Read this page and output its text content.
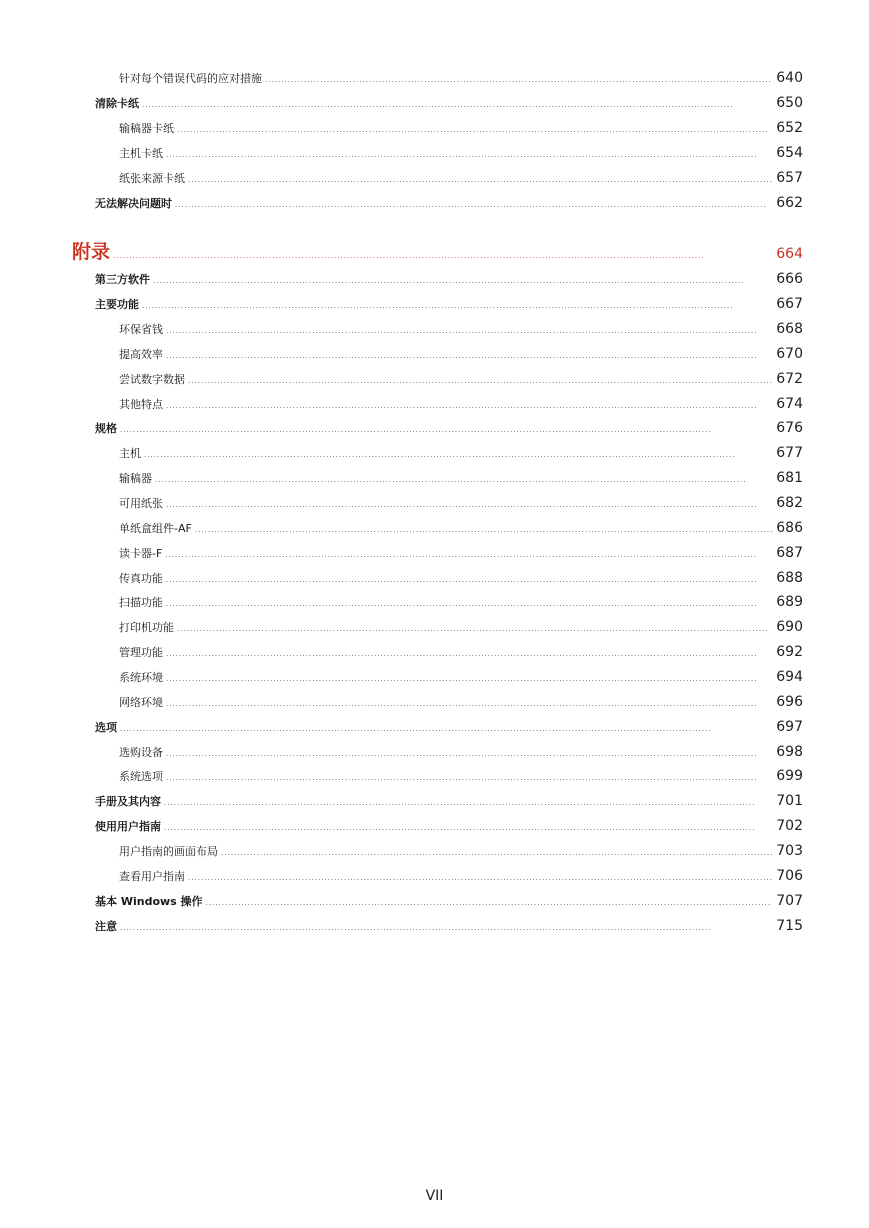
针对每个错误代码的应对措施 . . .	640
清除卡纸 . . .	650
输稿器卡纸 . . .	652
主机卡纸 . . .	654
纸张来源卡纸 . . .	657
无法解决问题时 . . .	662
附录 . . .	664
第三方软件 . . .	666
主要功能 . . .	667
环保省钱 . . .	668
提高效率 . . .	670
尝试数字数据 . . .	672
其他特点 . . .	674
规格 . . .	676
主机 . . .	677
输稿器 . . .	681
可用纸张 . . .	682
单纸盒组件-AF . . .	686
读卡器-F . . .	687
传真功能 . . .	688
扫描功能 . . .	689
打印机功能 . . .	690
管理功能 . . .	692
系统环境 . . .	694
网络环境 . . .	696
选项 . . .	697
选购设备 . . .	698
系统选项 . . .	699
手册及其内容 . . .	701
使用用户指南 . . .	702
用户指南的画面布局 . . .	703
查看用户指南 . . .	706
基本 Windows 操作 . . .	707
注意 . . .	715
VII
